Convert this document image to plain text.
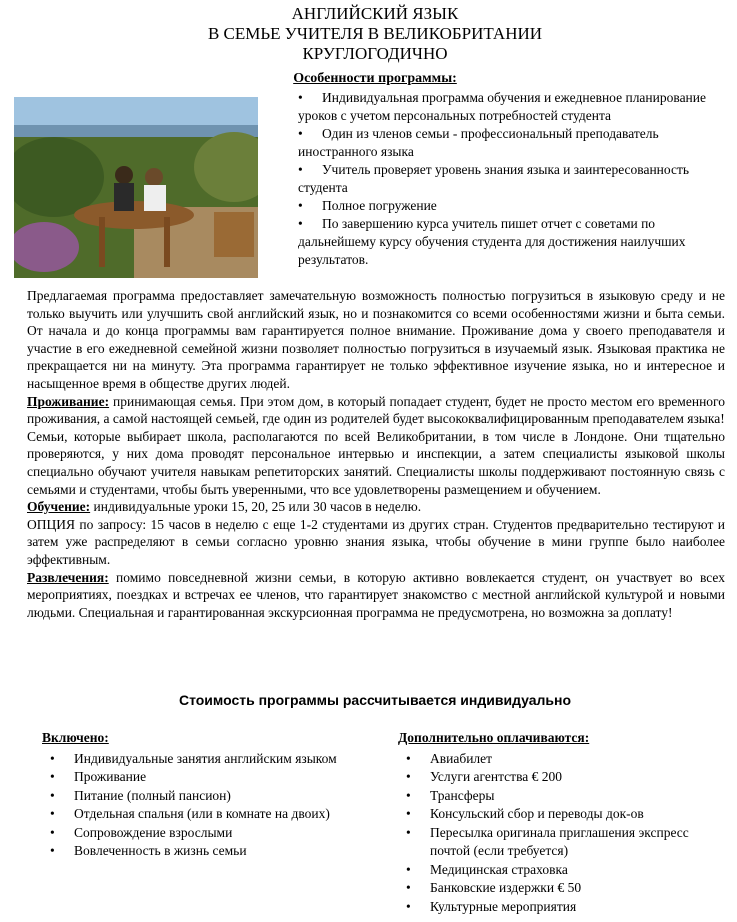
АНГЛИЙСКИЙ ЯЗЫК
В СЕМЬЕ УЧИТЕЛЯ В ВЕЛИКОБРИТАНИИ
КРУГЛОГОДИЧНО
Особенности программы:
• Индивидуальная программа обучения и ежедневное планирование уроков с учетом персональных потребностей студента
• Один из членов семьи - профессиональный преподаватель иностранного языка
• Учитель проверяет уровень знания языка и заинтересованность студента
• Полное погружение
• По завершению курса учитель пишет отчет с советами по дальнейшему курсу обучения студента для достижения наилучших результатов.

Предлагаемая программа предоставляет замечательную возможность полностью погрузиться в языковую среду и не только выучить или улучшить свой английский язык, но и познакомится со всеми особенностями жизни и быта семьи. От начала и до конца программы вам гарантируется полное внимание. Проживание дома у своего преподавателя и участие в его ежедневной семейной жизни позволяет полностью погрузиться в изучаемый язык. Языковая практика не прекращается ни на минуту. Эта программа гарантирует не только эффективное изучение языка, но и интересное и насыщенное время в обществе других людей.

Проживание: принимающая семья. При этом дом, в который попадает студент, будет не просто местом его временного проживания, а самой настоящей семьей, где один из родителей будет высококвалифицированным преподавателем языка!

Семьи, которые выбирает школа, располагаются по всей Великобритании, в том числе в Лондоне. Они тщательно проверяются, у них дома проводят персональное интервью и инспекции, а затем специалисты языковой школы специально обучают учителя навыкам репетиторских занятий. Специалисты школы поддерживают постоянную связь с семьями и студентами, чтобы быть уверенными, что все удовлетворены размещением и обучением.

Обучение: индивидуальные уроки 15, 20, 25 или 30 часов в неделю.

ОПЦИЯ по запросу: 15 часов в неделю с еще 1-2 студентами из других стран. Студентов предварительно тестируют и затем уже распределяют в семьи согласно уровню знания языка, чтобы обучение в мини группе было наиболее эффективным.

Развлечения: помимо повседневной жизни семьи, в которую активно вовлекается студент, он участвует во всех мероприятиях, поездках и встречах ее членов, что гарантирует знакомство с местной английской культурой и новыми людьми. Специальная и гарантированная экскурсионная программа не предусмотрена, но возможна за доплату!

Стоимость программы рассчитывается индивидуально
Включено:
• Индивидуальные занятия английским языком
• Проживание
• Питание (полный пансион)
• Отдельная спальня (или в комнате на двоих)
• Сопровождение взрослыми
• Вовлеченность в жизнь семьи
Дополнительно оплачиваются:
• Авиабилет
• Услуги агентства € 200
• Трансферы
• Консульский сбор и переводы док-ов
• Пересылка оригинала приглашения экспресс почтой (если требуется)
• Медицинская страховка
• Банковские издержки € 50
• Культурные мероприятия
